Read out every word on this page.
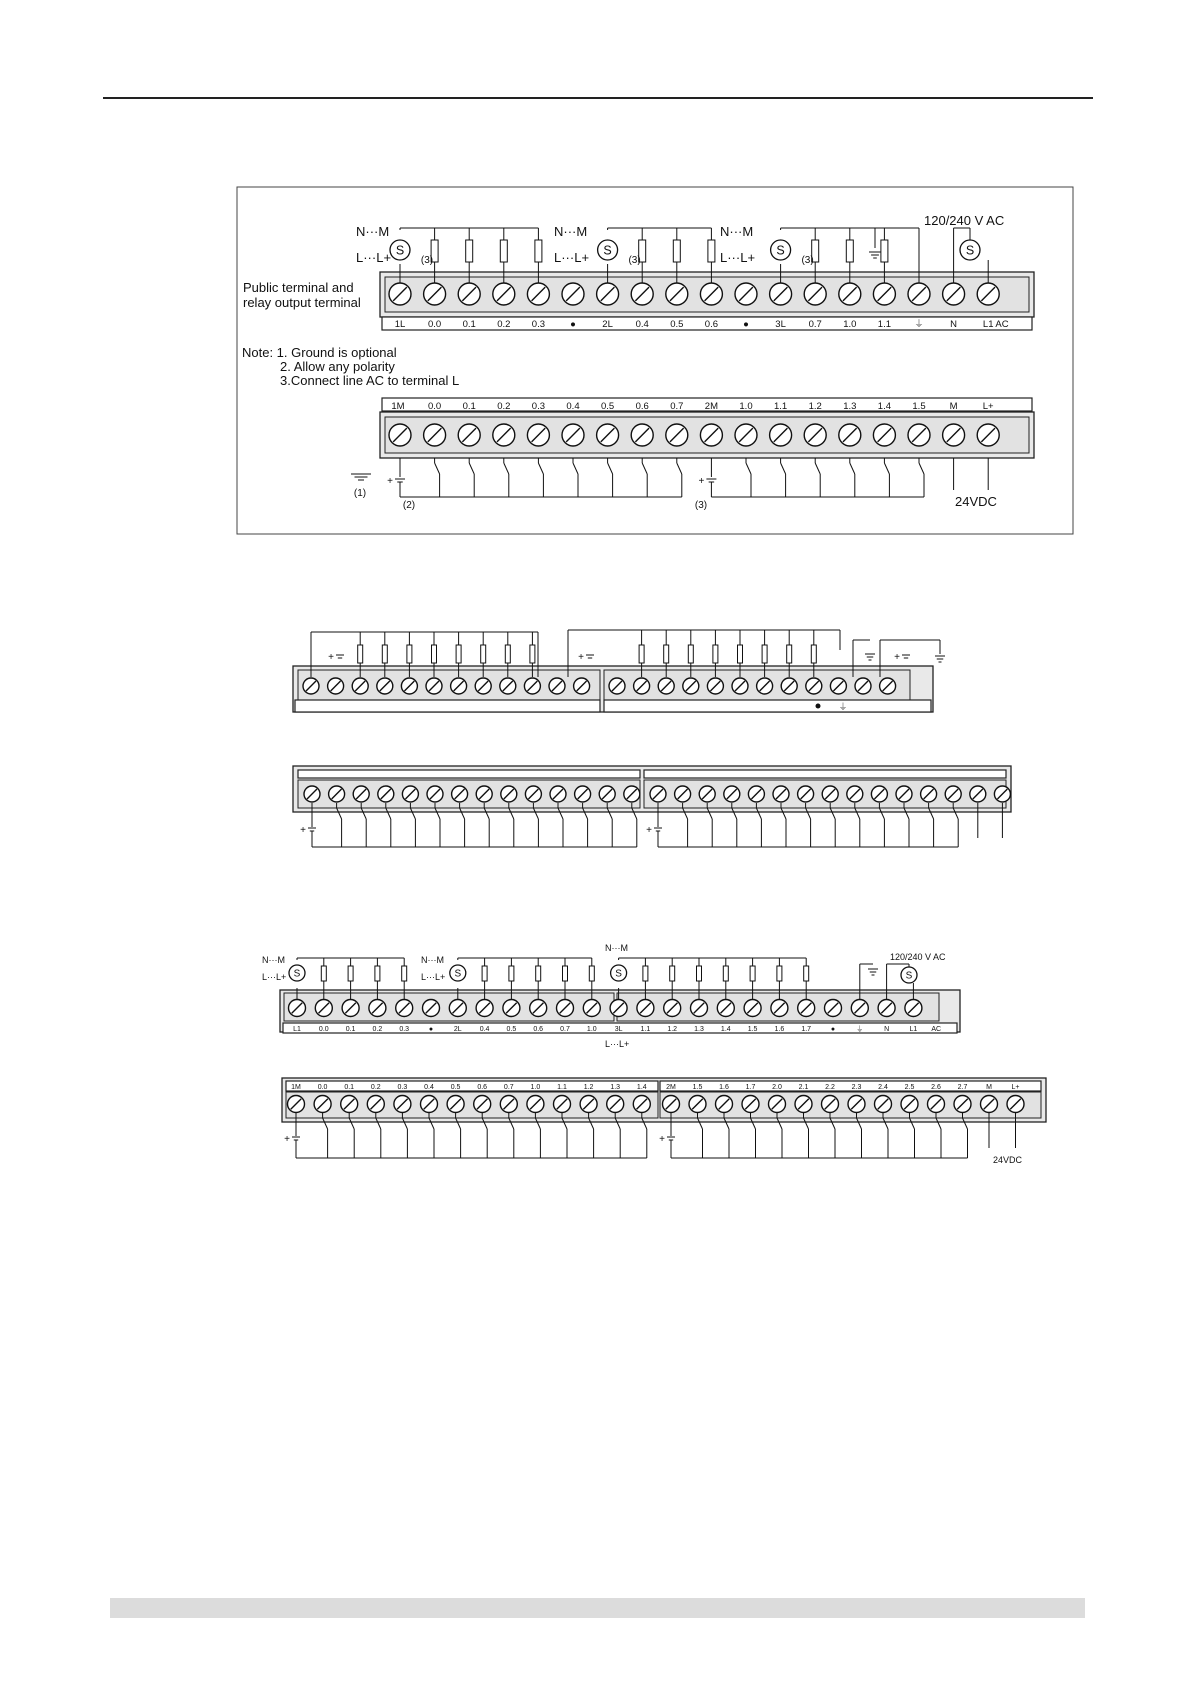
Public terminal and
relay output terminal
Note: 1. Ground is optional
2. Allow any polarity
3.Connect line AC to terminal L
120/240 V AC
24VDC
1L 0.0 0.1 0.2 0.3	●	2L 0.4 0.5 0.6	●	3L 0.7 1.0 1.1 ⏚	N	L1 AC
S
N···M
L···L+	(3)
S
N···M
L···L+	(3)
S
N···M
L···L+	(3)
S
1M 0.0 0.1 0.2 0.3 0.4 0.5 0.6 0.7 2M 1.0 1.1 1.2 1.3 1.4 1.5	M	L+
(1)
+
(2)
+
(3)
⏚
+	+	+
+	+
120/240 V AC
24VDC
L1	0.0 0.1 0.2 0.3	●	2L	0.4 0.5 0.6 0.7 1.0	3L	1.1 1.2 1.3 1.4 1.5 1.6 1.7	●	⏚	N	L1 AC
S
N···M
L···L+	S
N···M
L···L+	S
N···M
L···L+
S
1M 0.0 0.1 0.2 0.3 0.4 0.5 0.6 0.7 1.0 1.1 1.2 1.3 1.4	2M 1.5 1.6 1.7 2.0 2.1 2.2 2.3 2.4 2.5 2.6 2.7	M	L+
+	+
